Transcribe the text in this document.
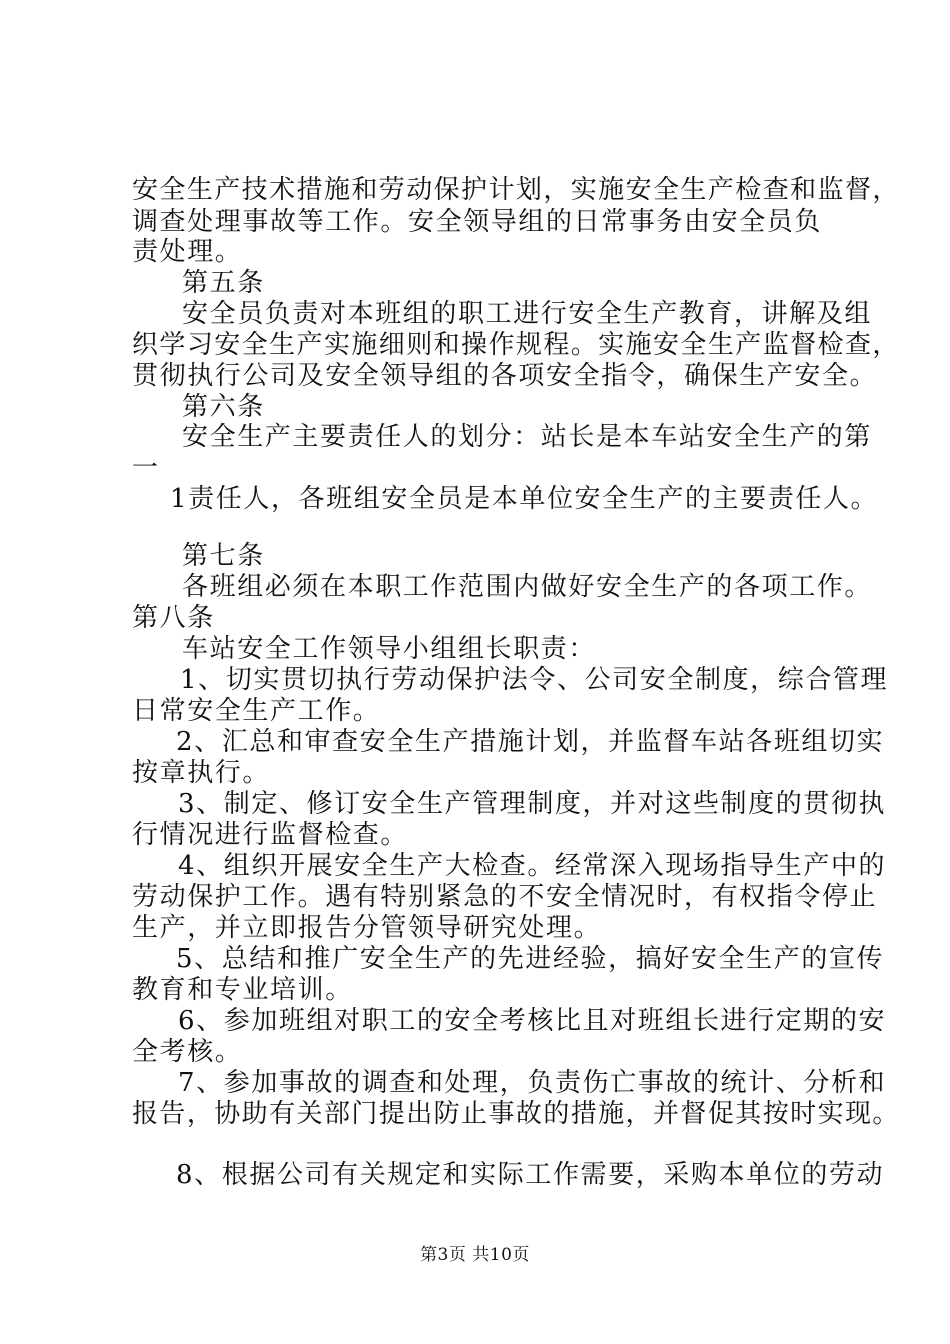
安全生产技术措施和劳动保护计划，实施安全生产检查和监督，
调查处理事故等工作。安全领导组的日常事务由安全员负责处理。
第五条
安全员负责对本班组的职工进行安全生产教育，讲解及组
织学习安全生产实施细则和操作规程。实施安全生产监督检查，
贯彻执行公司及安全领导组的各项安全指令，确保生产安全。
第六条
安全生产主要责任人的划分：站长是本车站安全生产的第
一
1责任人，各班组安全员是本单位安全生产的主要责任人。
第七条
各班组必须在本职工作范围内做好安全生产的各项工作。
第八条
车站安全工作领导小组组长职责：
1、切实贯切执行劳动保护法令、公司安全制度，综合管理
日常安全生产工作。
2、汇总和审查安全生产措施计划，并监督车站各班组切实
按章执行。
3、制定、修订安全生产管理制度，并对这些制度的贯彻执
行情况进行监督检查。
4、组织开展安全生产大检查。经常深入现场指导生产中的
劳动保护工作。遇有特别紧急的不安全情况时，有权指令停止
生产，并立即报告分管领导研究处理。
5、总结和推广安全生产的先进经验，搞好安全生产的宣传
教育和专业培训。
6、参加班组对职工的安全考核比且对班组长进行定期的安
全考核。
7、参加事故的调查和处理，负责伤亡事故的统计、分析和
报告，协助有关部门提出防止事故的措施，并督促其按时实现。
8、根据公司有关规定和实际工作需要，采购本单位的劳动
第3页 共10页
